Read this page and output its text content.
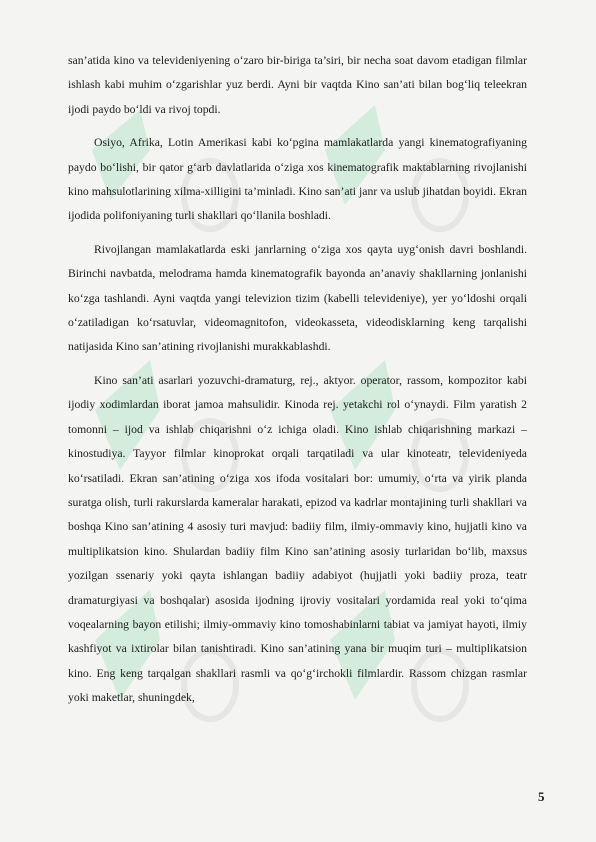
san’atida kino va televideniyening o‘zaro bir-biriga ta’siri, bir necha soat davom etadigan filmlar ishlash kabi muhim o‘zgarishlar yuz berdi. Ayni bir vaqtda Kino san’ati bilan bog‘liq teleekran ijodi paydo bo‘ldi va rivoj topdi.

Osiyo, Afrika, Lotin Amerikasi kabi ko‘pgina mamlakatlarda yangi kinematografiyaning paydo bo‘lishi, bir qator g‘arb davlatlarida o‘ziga xos kinematografik maktablarning rivojlanishi kino mahsulotlarining xilma-xilligini ta’minladi. Kino san’ati janr va uslub jihatdan boyidi. Ekran ijodida polifoniyaning turli shakllari qo‘llanila boshladi.

Rivojlangan mamlakatlarda eski janrlarning o‘ziga xos qayta uyg‘onish davri boshlandi. Birinchi navbatda, melodrama hamda kinematografik bayonda an’anaviy shakllarning jonlanishi ko‘zga tashlandi. Ayni vaqtda yangi televizion tizim (kabelli televideniye), yer yo‘ldoshi orqali o‘zatiladigan ko‘rsatuvlar, videomagnitofon, videokasseta, videodisklarning keng tarqalishi natijasida Kino san’atining rivojlanishi murakkablashdi.

Kino san’ati asarlari yozuvchi-dramaturg, rej., aktyor. operator, rassom, kompozitor kabi ijodiy xodimlardan iborat jamoa mahsulidir. Kinoda rej. yetakchi rol o‘ynaydi. Film yaratish 2 tomonni – ijod va ishlab chiqarishni o‘z ichiga oladi. Kino ishlab chiqarishning markazi – kinostudiya. Tayyor filmlar kinoprokat orqali tarqatiladi va ular kinoteatr, televideniyeda ko‘rsatiladi. Ekran san’atining o‘ziga xos ifoda vositalari bor: umumiy, o‘rta va yirik planda suratga olish, turli rakurslarda kameralar harakati, epizod va kadrlar montajining turli shakllari va boshqa Kino san’atining 4 asosiy turi mavjud: badiiy film, ilmiy-ommaviy kino, hujjatli kino va multiplikatsion kino. Shulardan badiiy film Kino san’atining asosiy turlaridan bo‘lib, maxsus yozilgan ssenariy yoki qayta ishlangan badiiy adabiyot (hujjatli yoki badiiy proza, teatr dramaturgiyasi va boshqalar) asosida ijodning ijroviy vositalari yordamida real yoki to‘qima voqealarning bayon etilishi; ilmiy-ommaviy kino tomoshabinlarni tabiat va jamiyat hayoti, ilmiy kashfiyot va ixtirolar bilan tanishtiradi. Kino san’atining yana bir muqim turi – multiplikatsion kino. Eng keng tarqalgan shakllari rasmli va qo‘g‘irchokli filmlardir. Rassom chizgan rasmlar yoki maketlar, shuningdek,

5
